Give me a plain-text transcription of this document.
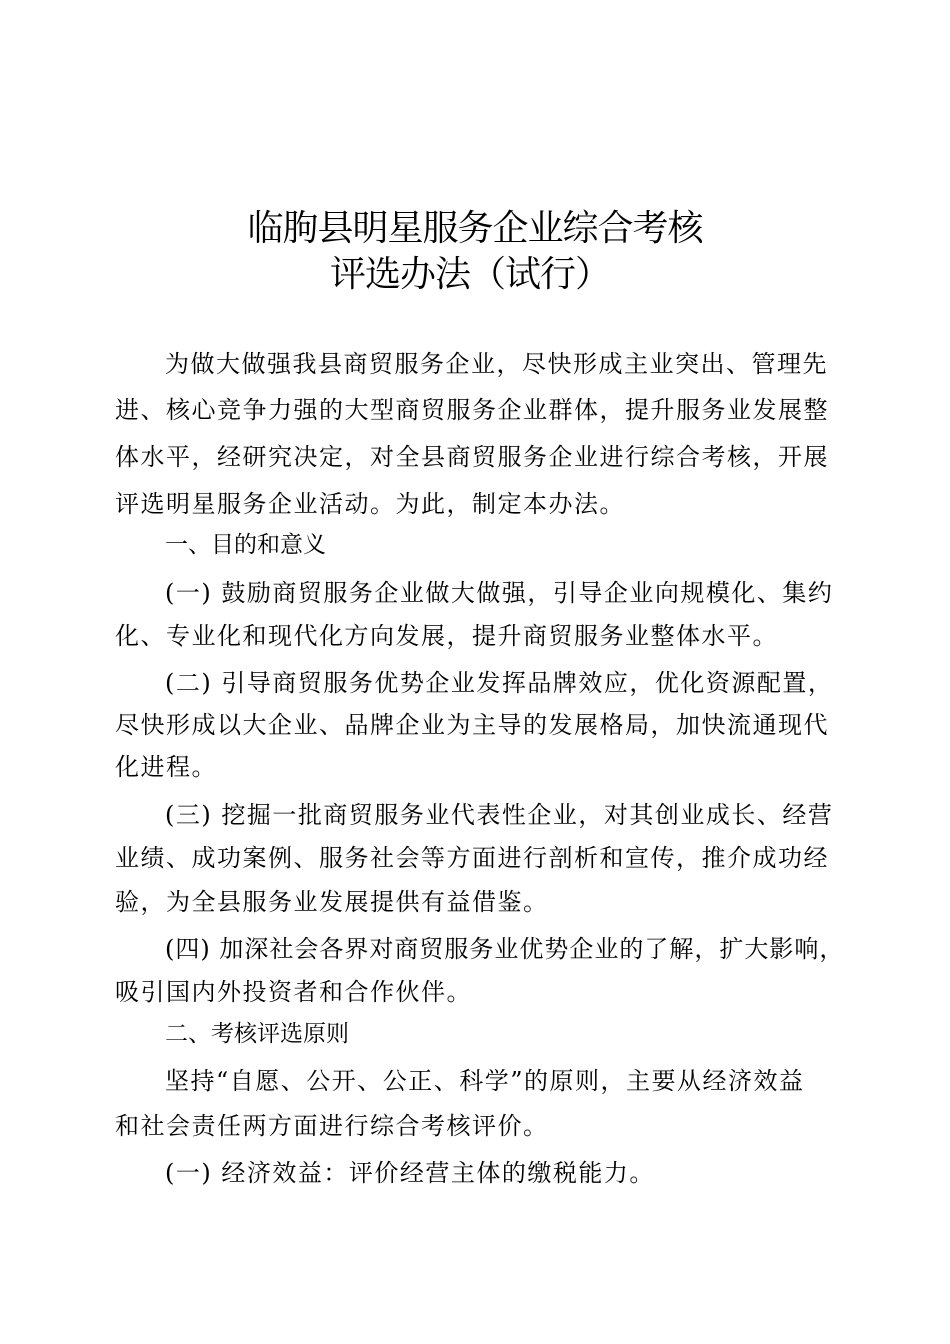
临朐县明星服务企业综合考核
评选办法（试行）
为做大做强我县商贸服务企业，尽快形成主业突出、管理先
进、核心竞争力强的大型商贸服务企业群体，提升服务业发展整
体水平，经研究决定，对全县商贸服务企业进行综合考核，开展
评选明星服务企业活动。为此，制定本办法。
一、目的和意义
(一) 鼓励商贸服务企业做大做强，引导企业向规模化、集约
化、专业化和现代化方向发展，提升商贸服务业整体水平。
(二) 引导商贸服务优势企业发挥品牌效应，优化资源配置，
尽快形成以大企业、品牌企业为主导的发展格局，加快流通现代
化进程。
(三) 挖掘一批商贸服务业代表性企业，对其创业成长、经营
业绩、成功案例、服务社会等方面进行剖析和宣传，推介成功经
验，为全县服务业发展提供有益借鉴。
(四) 加深社会各界对商贸服务业优势企业的了解，扩大影响，
吸引国内外投资者和合作伙伴。
二、考核评选原则
坚持“自愿、公开、公正、科学”的原则，主要从经济效益
和社会责任两方面进行综合考核评价。
(一) 经济效益：评价经营主体的缴税能力。
